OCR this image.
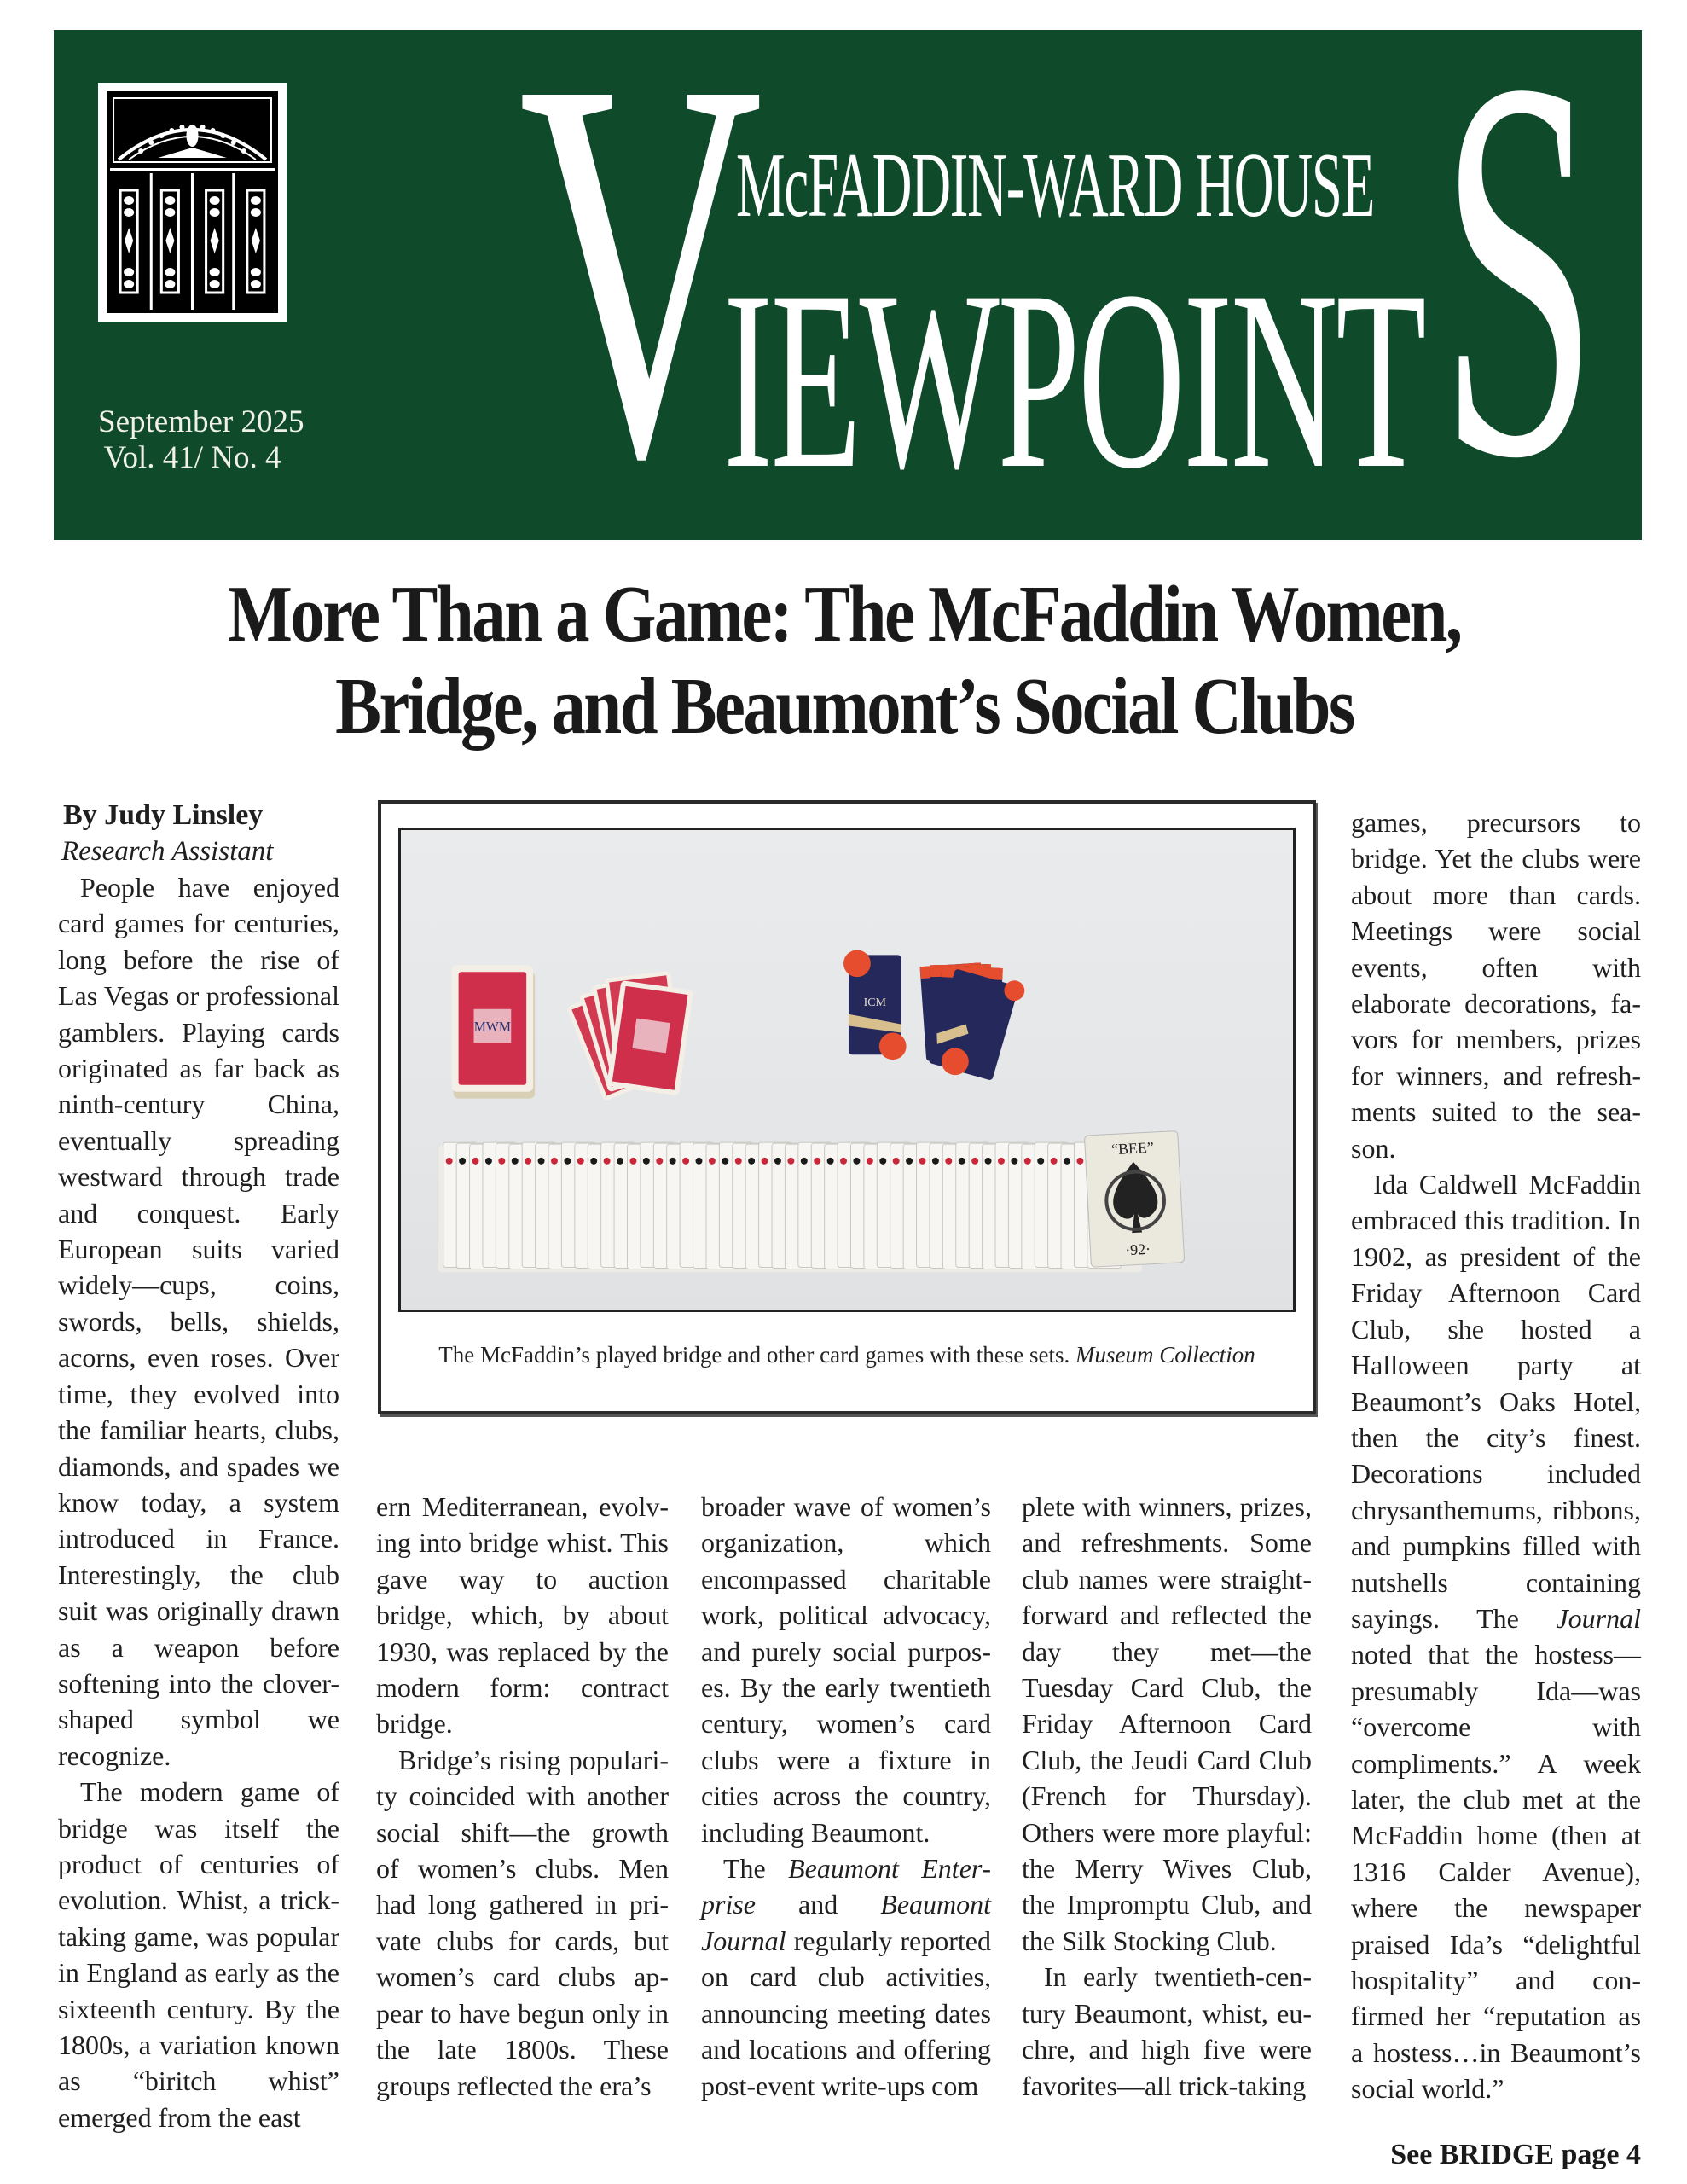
September 2025
Vol. 41/ No. 4 V
McFADDIN-WARD HOUSE
IEWPOINT S
More Than a Game: The McFaddin Women,
Bridge, and Beaumont’s Social Clubs
By Judy Linsley
Research Assistant

People have enjoyed card games for centuries, long before the rise of Las Vegas or professional gamblers. Playing cards originated as far back as ninth-century China, eventually spreading westward through trade and conquest. Early European suits varied widely—cups, coins, swords, bells, shields, acorns, even roses. Over time, they evolved into the familiar hearts, clubs, diamonds, and spades we know today, a system introduced in France. Interestingly, the club suit was originally drawn as a weapon before softening into the clover-shaped symbol we recognize.

The modern game of bridge was itself the product of centuries of evolution. Whist, a trick-taking game, was popular in England as early as the sixteenth century. By the 1800s, a variation known as “biritch whist” emerged from the east

MWM
ICM
“BEE”
·92·
The McFaddin’s played bridge and other card games with these sets. Museum Collection

ern Mediterranean, evolving into bridge whist. This gave way to auction bridge, which, by about 1930, was replaced by the modern form: contract bridge.

Bridge’s rising popularity coincided with another social shift—the growth of women’s clubs. Men had long gathered in private clubs for cards, but women’s card clubs appear to have begun only in the late 1800s. These groups reflected the era’s

broader wave of women’s organization, which encompassed charitable work, political advocacy, and purely social purposes. By the early twentieth century, women’s card clubs were a fixture in cities across the country, including Beaumont.

The Beaumont Enterprise and Beaumont Journal regularly reported on card club activities, announcing meeting dates and locations and offering post-event write-ups com

plete with winners, prizes, and refreshments. Some club names were straightforward and reflected the day they met—the Tuesday Card Club, the Friday Afternoon Card Club, the Jeudi Card Club (French for Thursday). Others were more playful: the Merry Wives Club, the Impromptu Club, and the Silk Stocking Club.

In early twentieth-century Beaumont, whist, euchre, and high five were favorites—all trick-taking

games, precursors to bridge. Yet the clubs were about more than cards. Meetings were social events, often with elaborate decorations, favors for members, prizes for winners, and refreshments suited to the season.

Ida Caldwell McFaddin embraced this tradition. In 1902, as president of the Friday Afternoon Card Club, she hosted a Halloween party at Beaumont’s Oaks Hotel, then the city’s finest. Decorations included chrysanthemums, ribbons, and pumpkins filled with nutshells containing sayings. The Journal noted that the hostess—presumably Ida—was “overcome with compliments.” A week later, the club met at the McFaddin home (then at 1316 Calder Avenue), where the newspaper praised Ida’s “delightful hospitality” and confirmed her “reputation as a hostess…in Beaumont’s social world.”

See BRIDGE page 4
